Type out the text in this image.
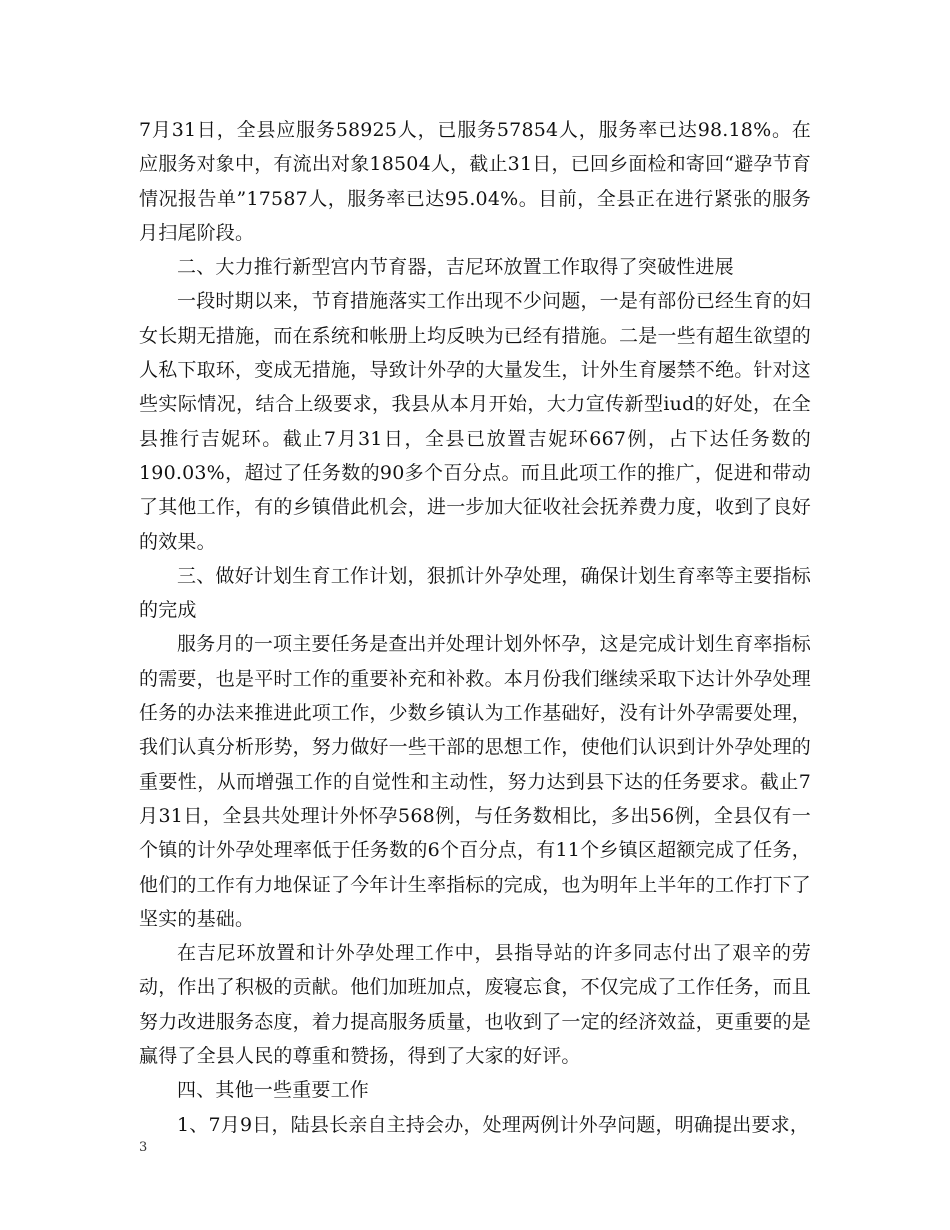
7月31日，全县应服务58925人，已服务57854人，服务率已达98.18%。在应服务对象中，有流出对象18504人，截止31日，已回乡面检和寄回“避孕节育情况报告单”17587人，服务率已达95.04%。目前，全县正在进行紧张的服务月扫尾阶段。

二、大力推行新型宫内节育器，吉尼环放置工作取得了突破性进展

一段时期以来，节育措施落实工作出现不少问题，一是有部份已经生育的妇女长期无措施，而在系统和帐册上均反映为已经有措施。二是一些有超生欲望的人私下取环，变成无措施，导致计外孕的大量发生，计外生育屡禁不绝。针对这些实际情况，结合上级要求，我县从本月开始，大力宣传新型iud的好处，在全县推行吉妮环。截止7月31日，全县已放置吉妮环667例，占下达任务数的190.03%，超过了任务数的90多个百分点。而且此项工作的推广，促进和带动了其他工作，有的乡镇借此机会，进一步加大征收社会抚养费力度，收到了良好的效果。

三、做好计划生育工作计划，狠抓计外孕处理，确保计划生育率等主要指标的完成

服务月的一项主要任务是查出并处理计划外怀孕，这是完成计划生育率指标的需要，也是平时工作的重要补充和补救。本月份我们继续采取下达计外孕处理任务的办法来推进此项工作，少数乡镇认为工作基础好，没有计外孕需要处理，我们认真分析形势，努力做好一些干部的思想工作，使他们认识到计外孕处理的重要性，从而增强工作的自觉性和主动性，努力达到县下达的任务要求。截止7月31日，全县共处理计外怀孕568例，与任务数相比，多出56例，全县仅有一个镇的计外孕处理率低于任务数的6个百分点，有11个乡镇区超额完成了任务，他们的工作有力地保证了今年计生率指标的完成，也为明年上半年的工作打下了坚实的基础。

在吉尼环放置和计外孕处理工作中，县指导站的许多同志付出了艰辛的劳动，作出了积极的贡献。他们加班加点，废寝忘食，不仅完成了工作任务，而且努力改进服务态度，着力提高服务质量，也收到了一定的经济效益，更重要的是赢得了全县人民的尊重和赞扬，得到了大家的好评。

四、其他一些重要工作

1、7月9日，陆县长亲自主持会办，处理两例计外孕问题，明确提出要求，

3
